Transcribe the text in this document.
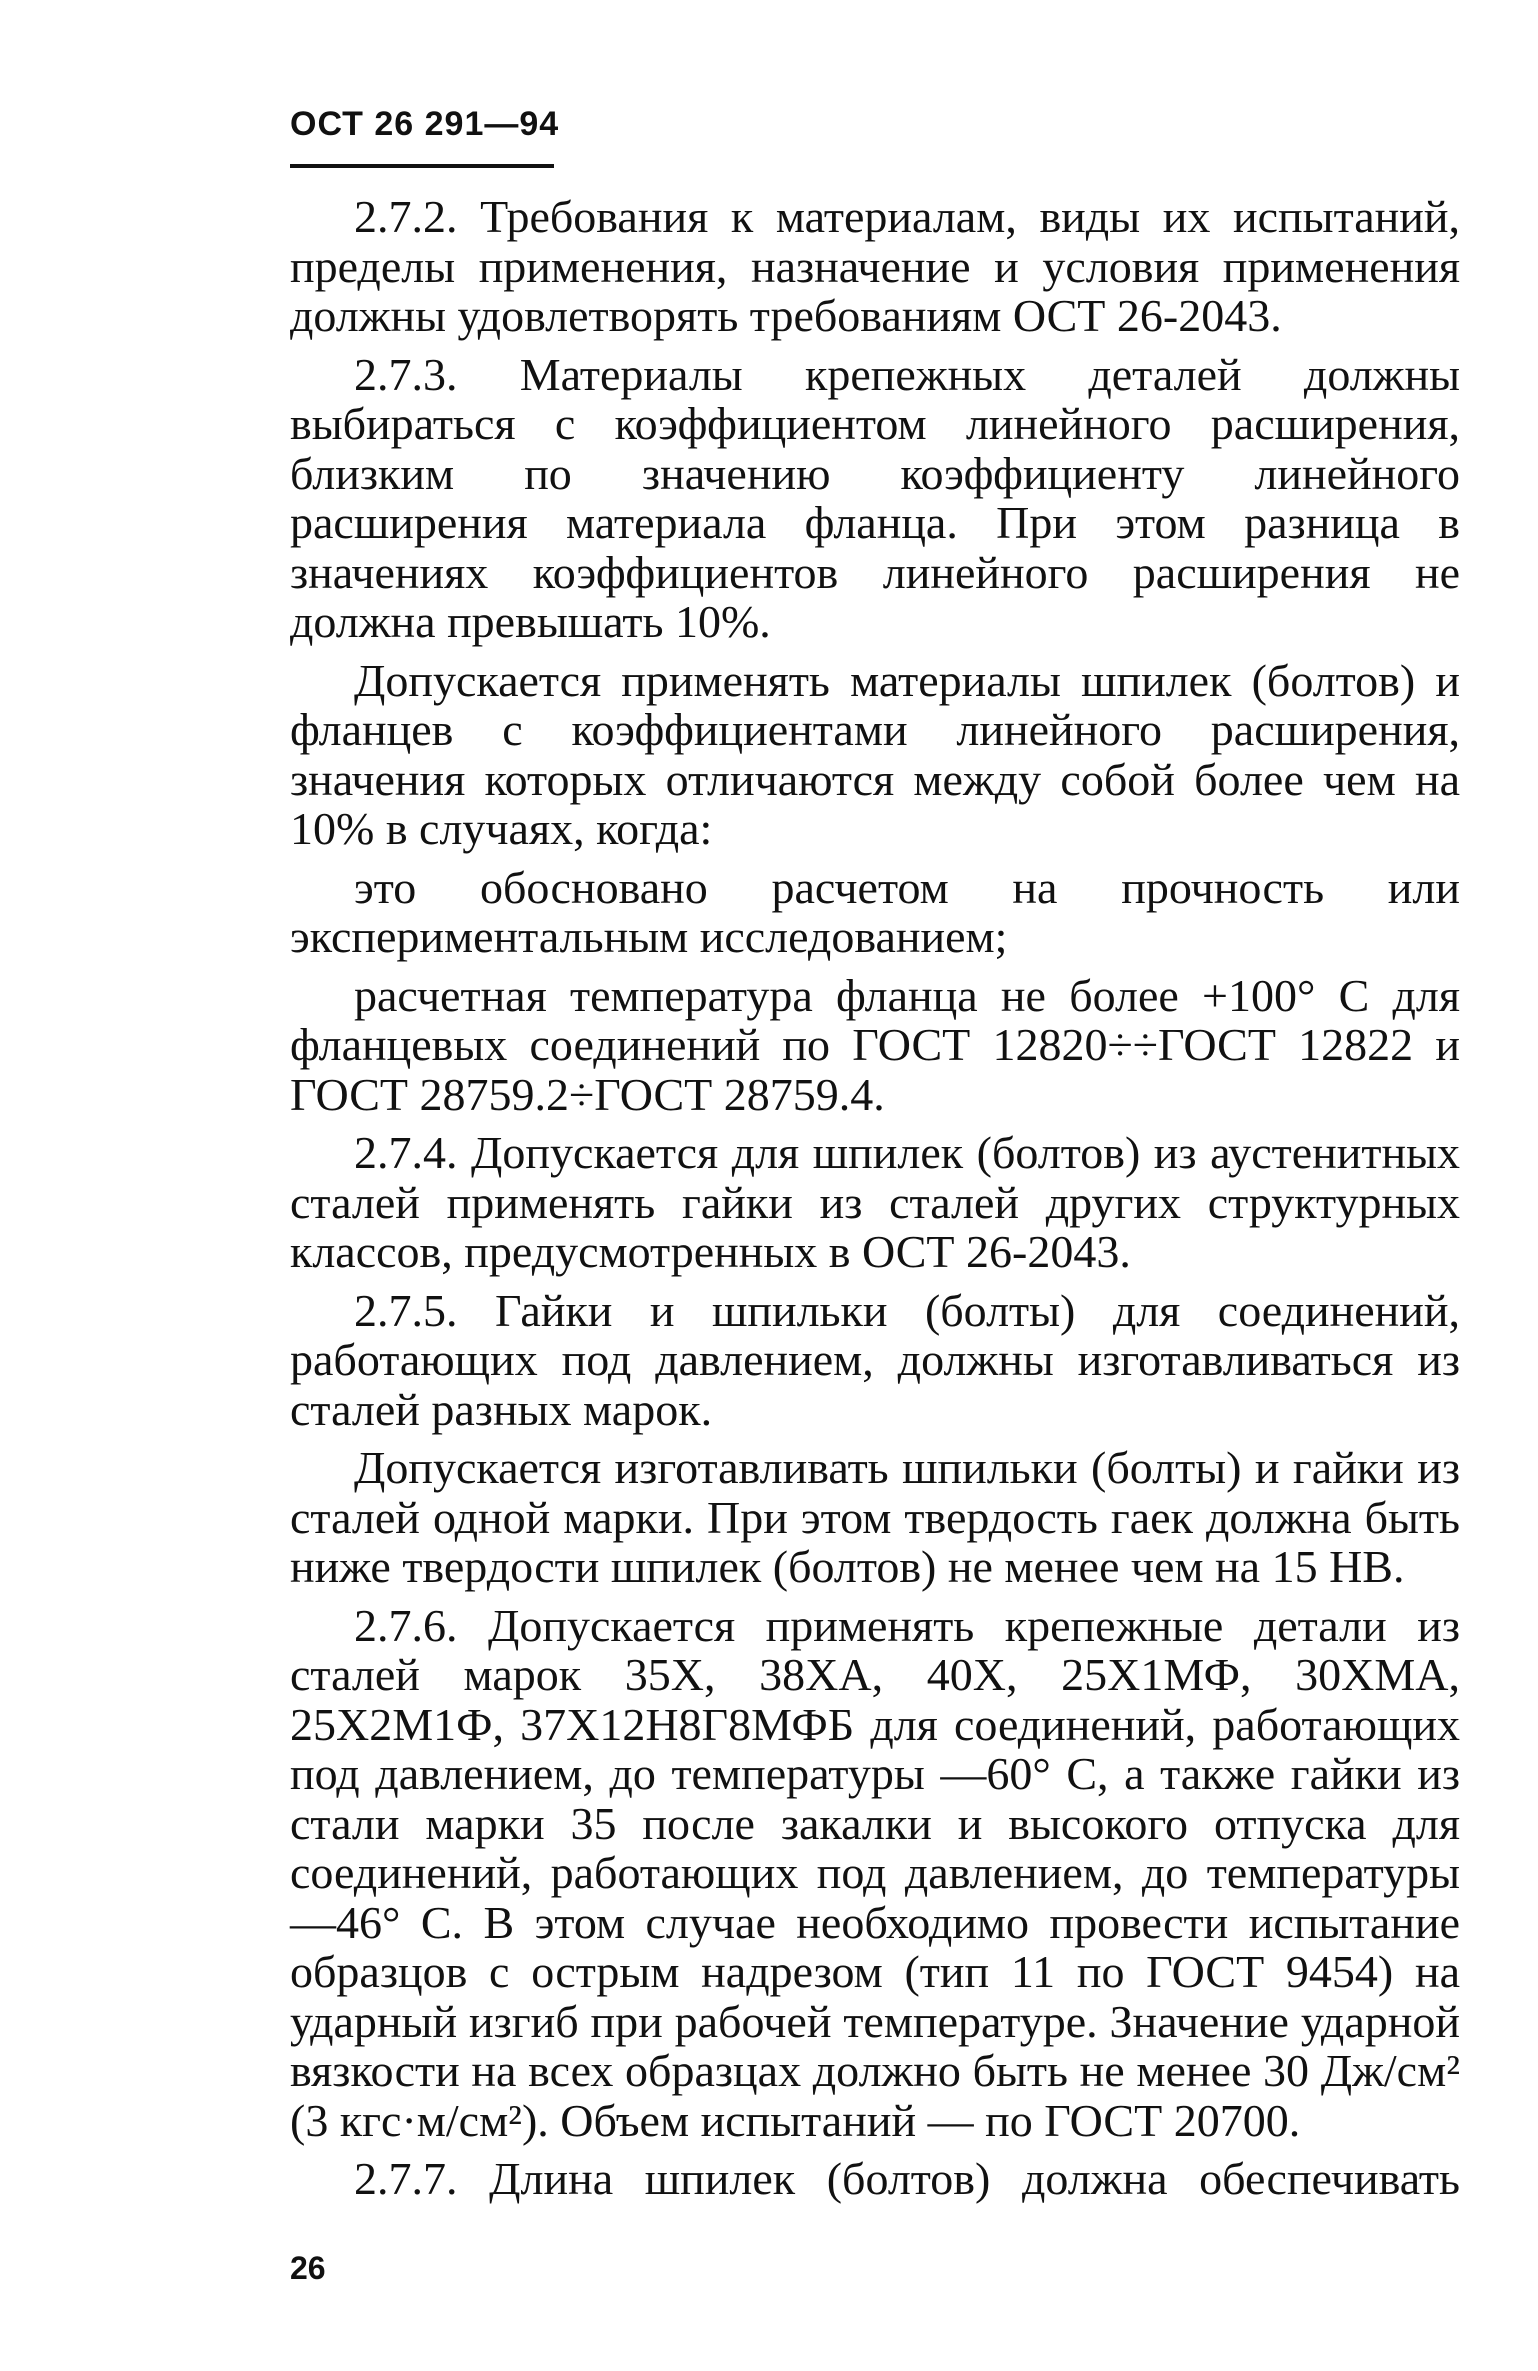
ОСТ 26 291—94

2.7.2. Требования к материалам, виды их испытаний, пределы применения, назначение и условия применения должны удовлетворять требованиям ОСТ 26-2043.

2.7.3. Материалы крепежных деталей должны выбираться с коэффициентом линейного расширения, близким по значению коэффициенту линейного расширения материала фланца. При этом разница в значениях коэффициентов линейного расширения не должна превышать 10%.

Допускается применять материалы шпилек (болтов) и фланцев с коэффициентами линейного расширения, значения которых отличаются между собой более чем на 10% в случаях, когда:

это обосновано расчетом на прочность или экспериментальным исследованием;

расчетная температура фланца не более +100° С для фланцевых соединений по ГОСТ 12820÷÷ГОСТ 12822 и ГОСТ 28759.2÷ГОСТ 28759.4.

2.7.4. Допускается для шпилек (болтов) из аустенитных сталей применять гайки из сталей других структурных классов, предусмотренных в ОСТ 26-2043.

2.7.5. Гайки и шпильки (болты) для соединений, работающих под давлением, должны изготавливаться из сталей разных марок.

Допускается изготавливать шпильки (болты) и гайки из сталей одной марки. При этом твердость гаек должна быть ниже твердости шпилек (болтов) не менее чем на 15 НВ.

2.7.6. Допускается применять крепежные детали из сталей марок 35Х, 38ХА, 40Х, 25Х1МФ, 30ХМА, 25Х2М1Ф, 37Х12Н8Г8МФБ для соединений, работающих под давлением, до температуры —60° С, а также гайки из стали марки 35 после закалки и высокого отпуска для соединений, работающих под давлением, до температуры —46° С. В этом случае необходимо провести испытание образцов с острым надрезом (тип 11 по ГОСТ 9454) на ударный изгиб при рабочей температуре. Значение ударной вязкости на всех образцах должно быть не менее 30 Дж/см² (3 кгс·м/см²). Объем испытаний — по ГОСТ 20700.

2.7.7. Длина шпилек (болтов) должна обеспечивать

26
